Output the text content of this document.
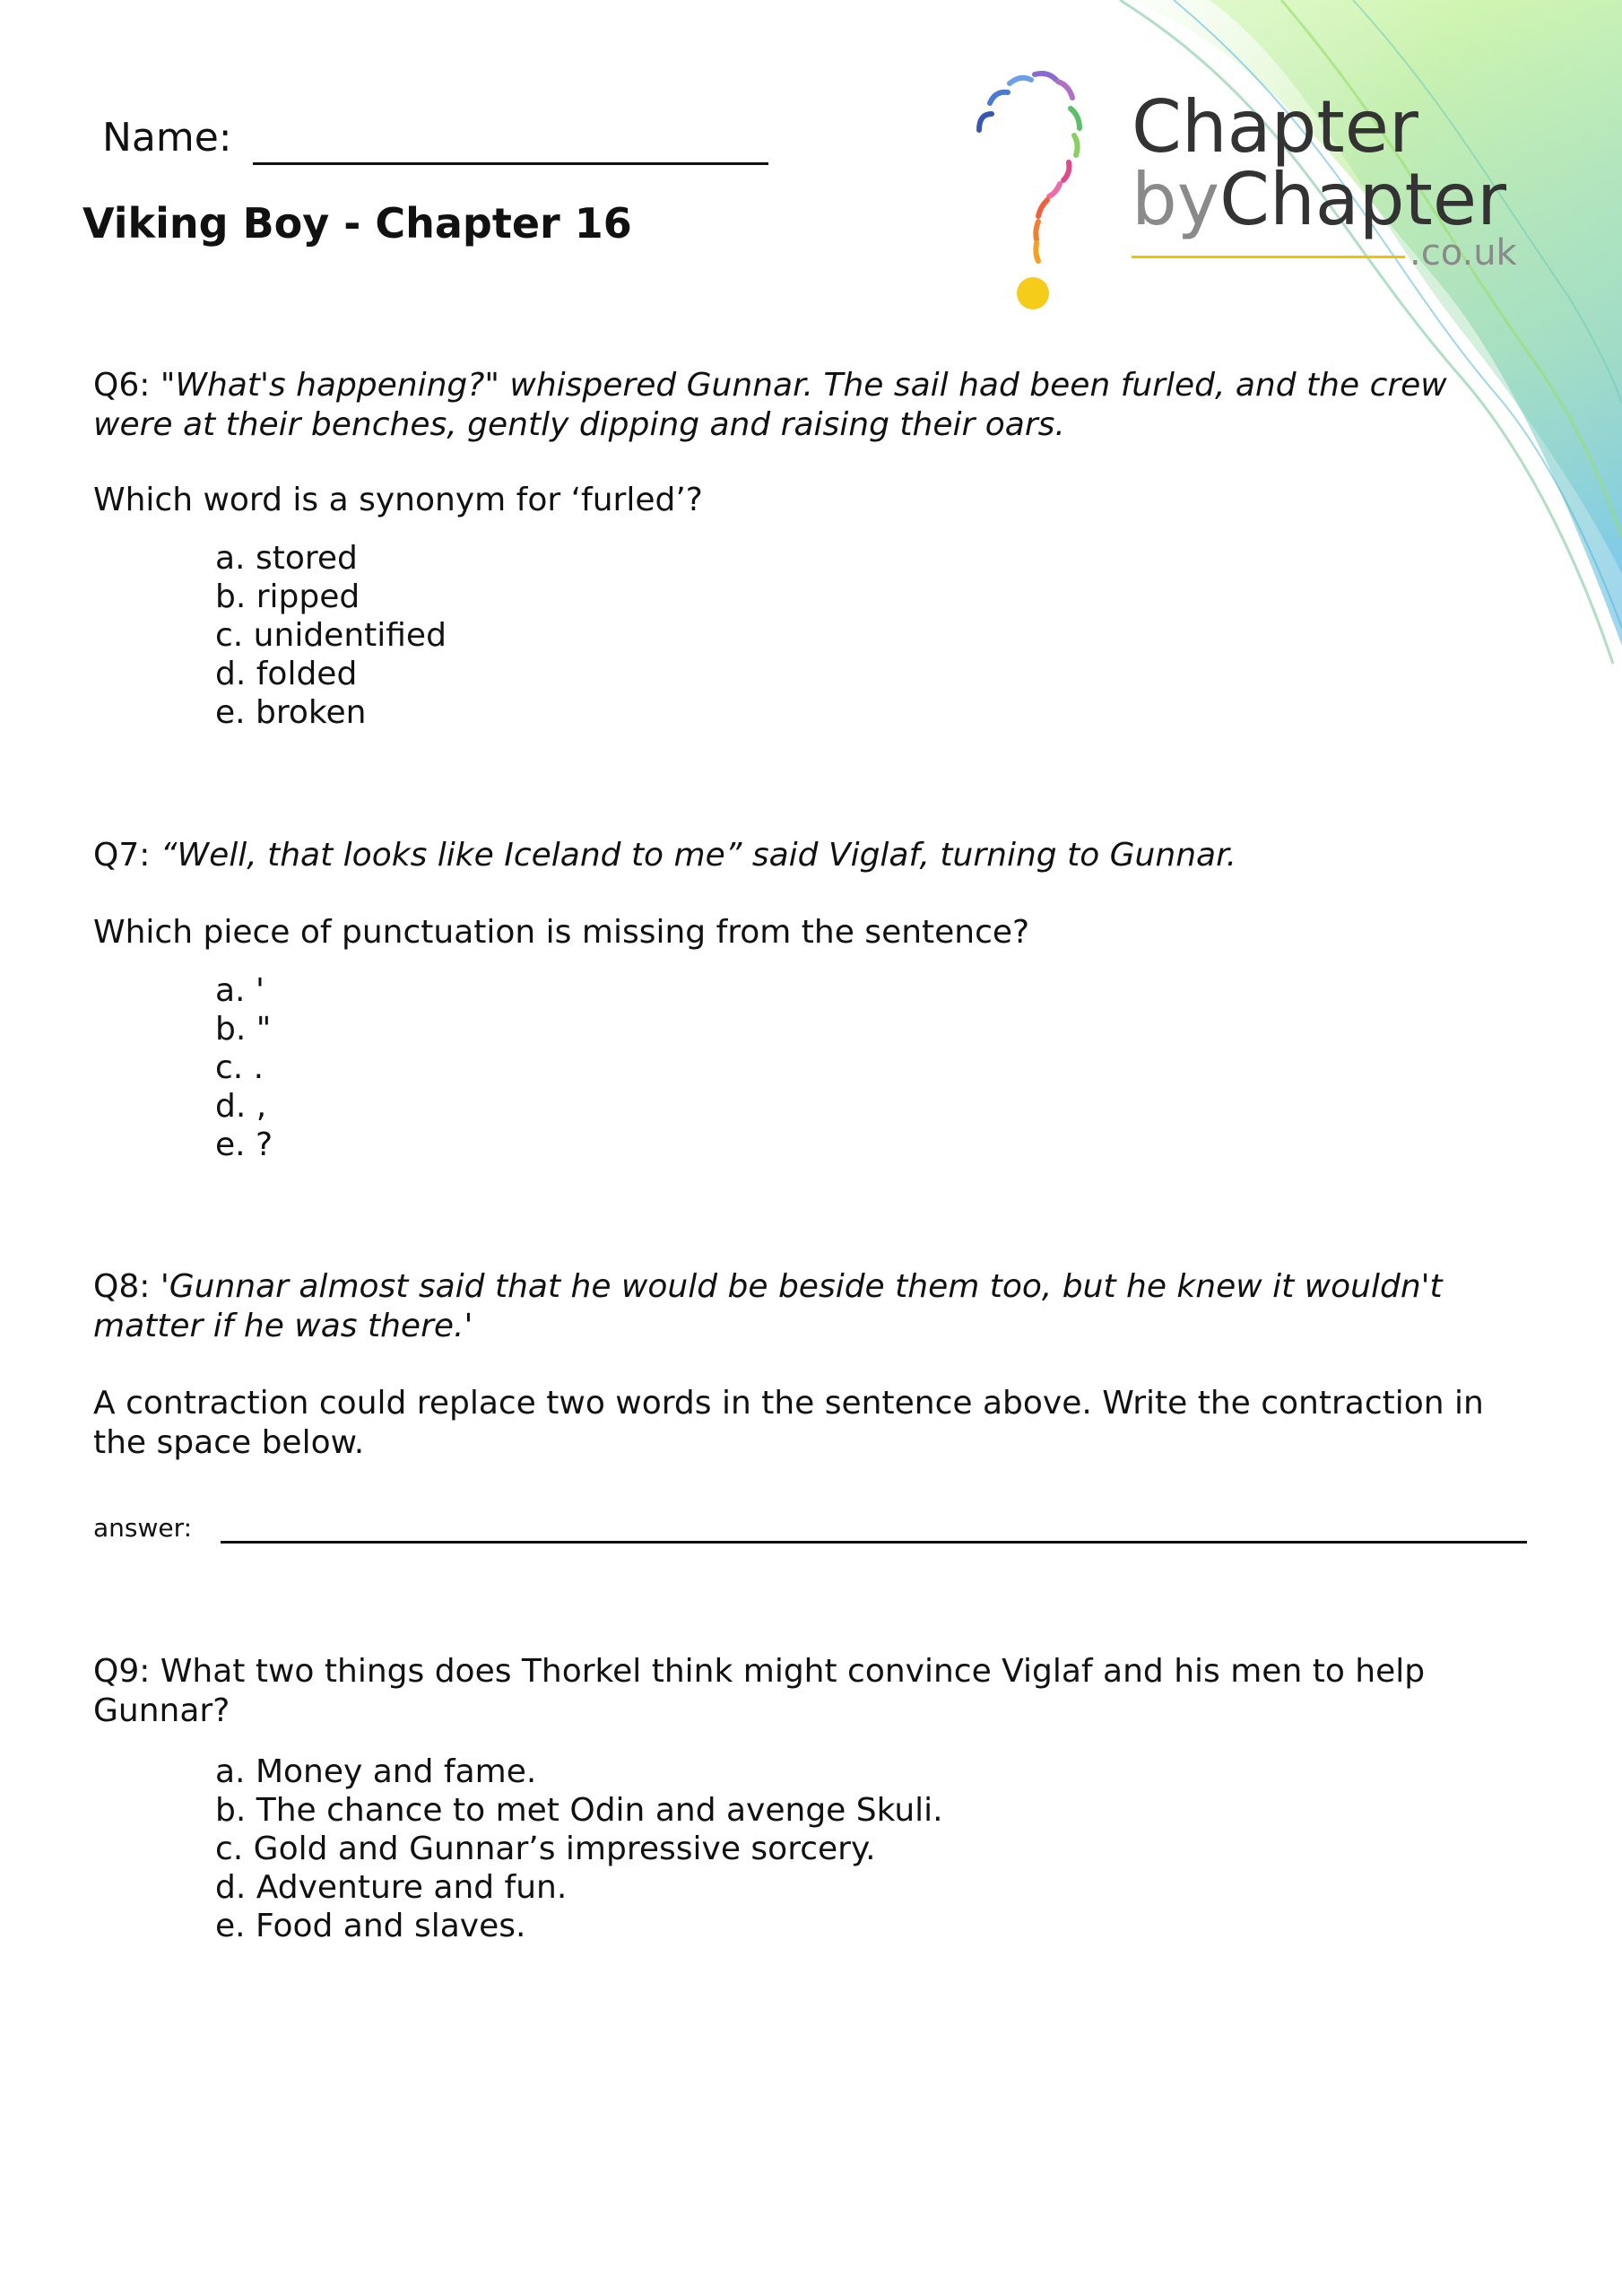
Chapter
byChapter
.co.uk
Name:
Viking Boy - Chapter 16

Q6: "What's happening?" whispered Gunnar. The sail had been furled, and the crew were at their benches, gently dipping and raising their oars.

Which word is a synonym for ‘furled’?

a. stored
b. ripped
c. unidentified
d. folded
e. broken

Q7: “Well, that looks like Iceland to me” said Viglaf, turning to Gunnar.

Which piece of punctuation is missing from the sentence?

a. '
b. "
c. .
d. ,
e. ?

Q8: 'Gunnar almost said that he would be beside them too, but he knew it wouldn't matter if he was there.'

A contraction could replace two words in the sentence above. Write the contraction in the space below.

answer:

Q9: What two things does Thorkel think might convince Viglaf and his men to help Gunnar?

a. Money and fame.
b. The chance to met Odin and avenge Skuli.
c. Gold and Gunnar’s impressive sorcery.
d. Adventure and fun.
e. Food and slaves.
